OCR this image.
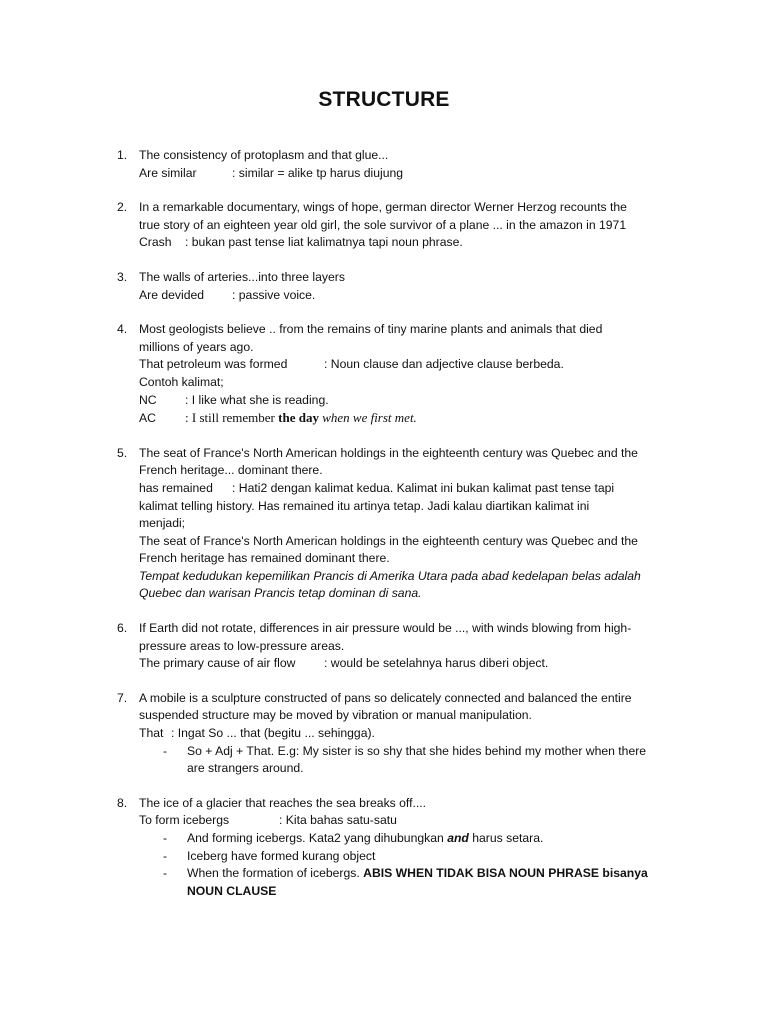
STRUCTURE
1. The consistency of protoplasm and that glue...
Are similar	: similar = alike tp harus diujung
2. In a remarkable documentary, wings of hope, german director Werner Herzog recounts the
true story of an eighteen year old girl, the sole survivor of a plane ... in the amazon in 1971
Crash : bukan past tense liat kalimatnya tapi noun phrase.
3. The walls of arteries...into three layers
Are devided : passive voice.
4. Most geologists believe .. from the remains of tiny marine plants and animals that died
millions of years ago.
That petroleum was formed	: Noun clause dan adjective clause berbeda.
Contoh kalimat;
NC : I like what she is reading.
AC : I still remember the day when we first met.
5. The seat of France's North American holdings in the eighteenth century was Quebec and the
French heritage... dominant there.
has remained : Hati2 dengan kalimat kedua. Kalimat ini bukan kalimat past tense tapi
kalimat telling history. Has remained itu artinya tetap. Jadi kalau diartikan kalimat ini
menjadi;
The seat of France's North American holdings in the eighteenth century was Quebec and the
French heritage has remained dominant there.
Tempat kedudukan kepemilikan Prancis di Amerika Utara pada abad kedelapan belas adalah
Quebec dan warisan Prancis tetap dominan di sana.
6. If Earth did not rotate, differences in air pressure would be ..., with winds blowing from high-
pressure areas to low-pressure areas.
The primary cause of air flow : would be setelahnya harus diberi object.
7. A mobile is a sculpture constructed of pans so delicately connected and balanced the entire
suspended structure may be moved by vibration or manual manipulation.
That : Ingat So ... that (begitu ... sehingga).
- So + Adj + That. E.g: My sister is so shy that she hides behind my mother when there
are strangers around.
8. The ice of a glacier that reaches the sea breaks off....
To form icebergs	: Kita bahas satu-satu
- And forming icebergs. Kata2 yang dihubungkan and harus setara.
- Iceberg have formed kurang object
- When the formation of icebergs. ABIS WHEN TIDAK BISA NOUN PHRASE bisanya
NOUN CLAUSE
